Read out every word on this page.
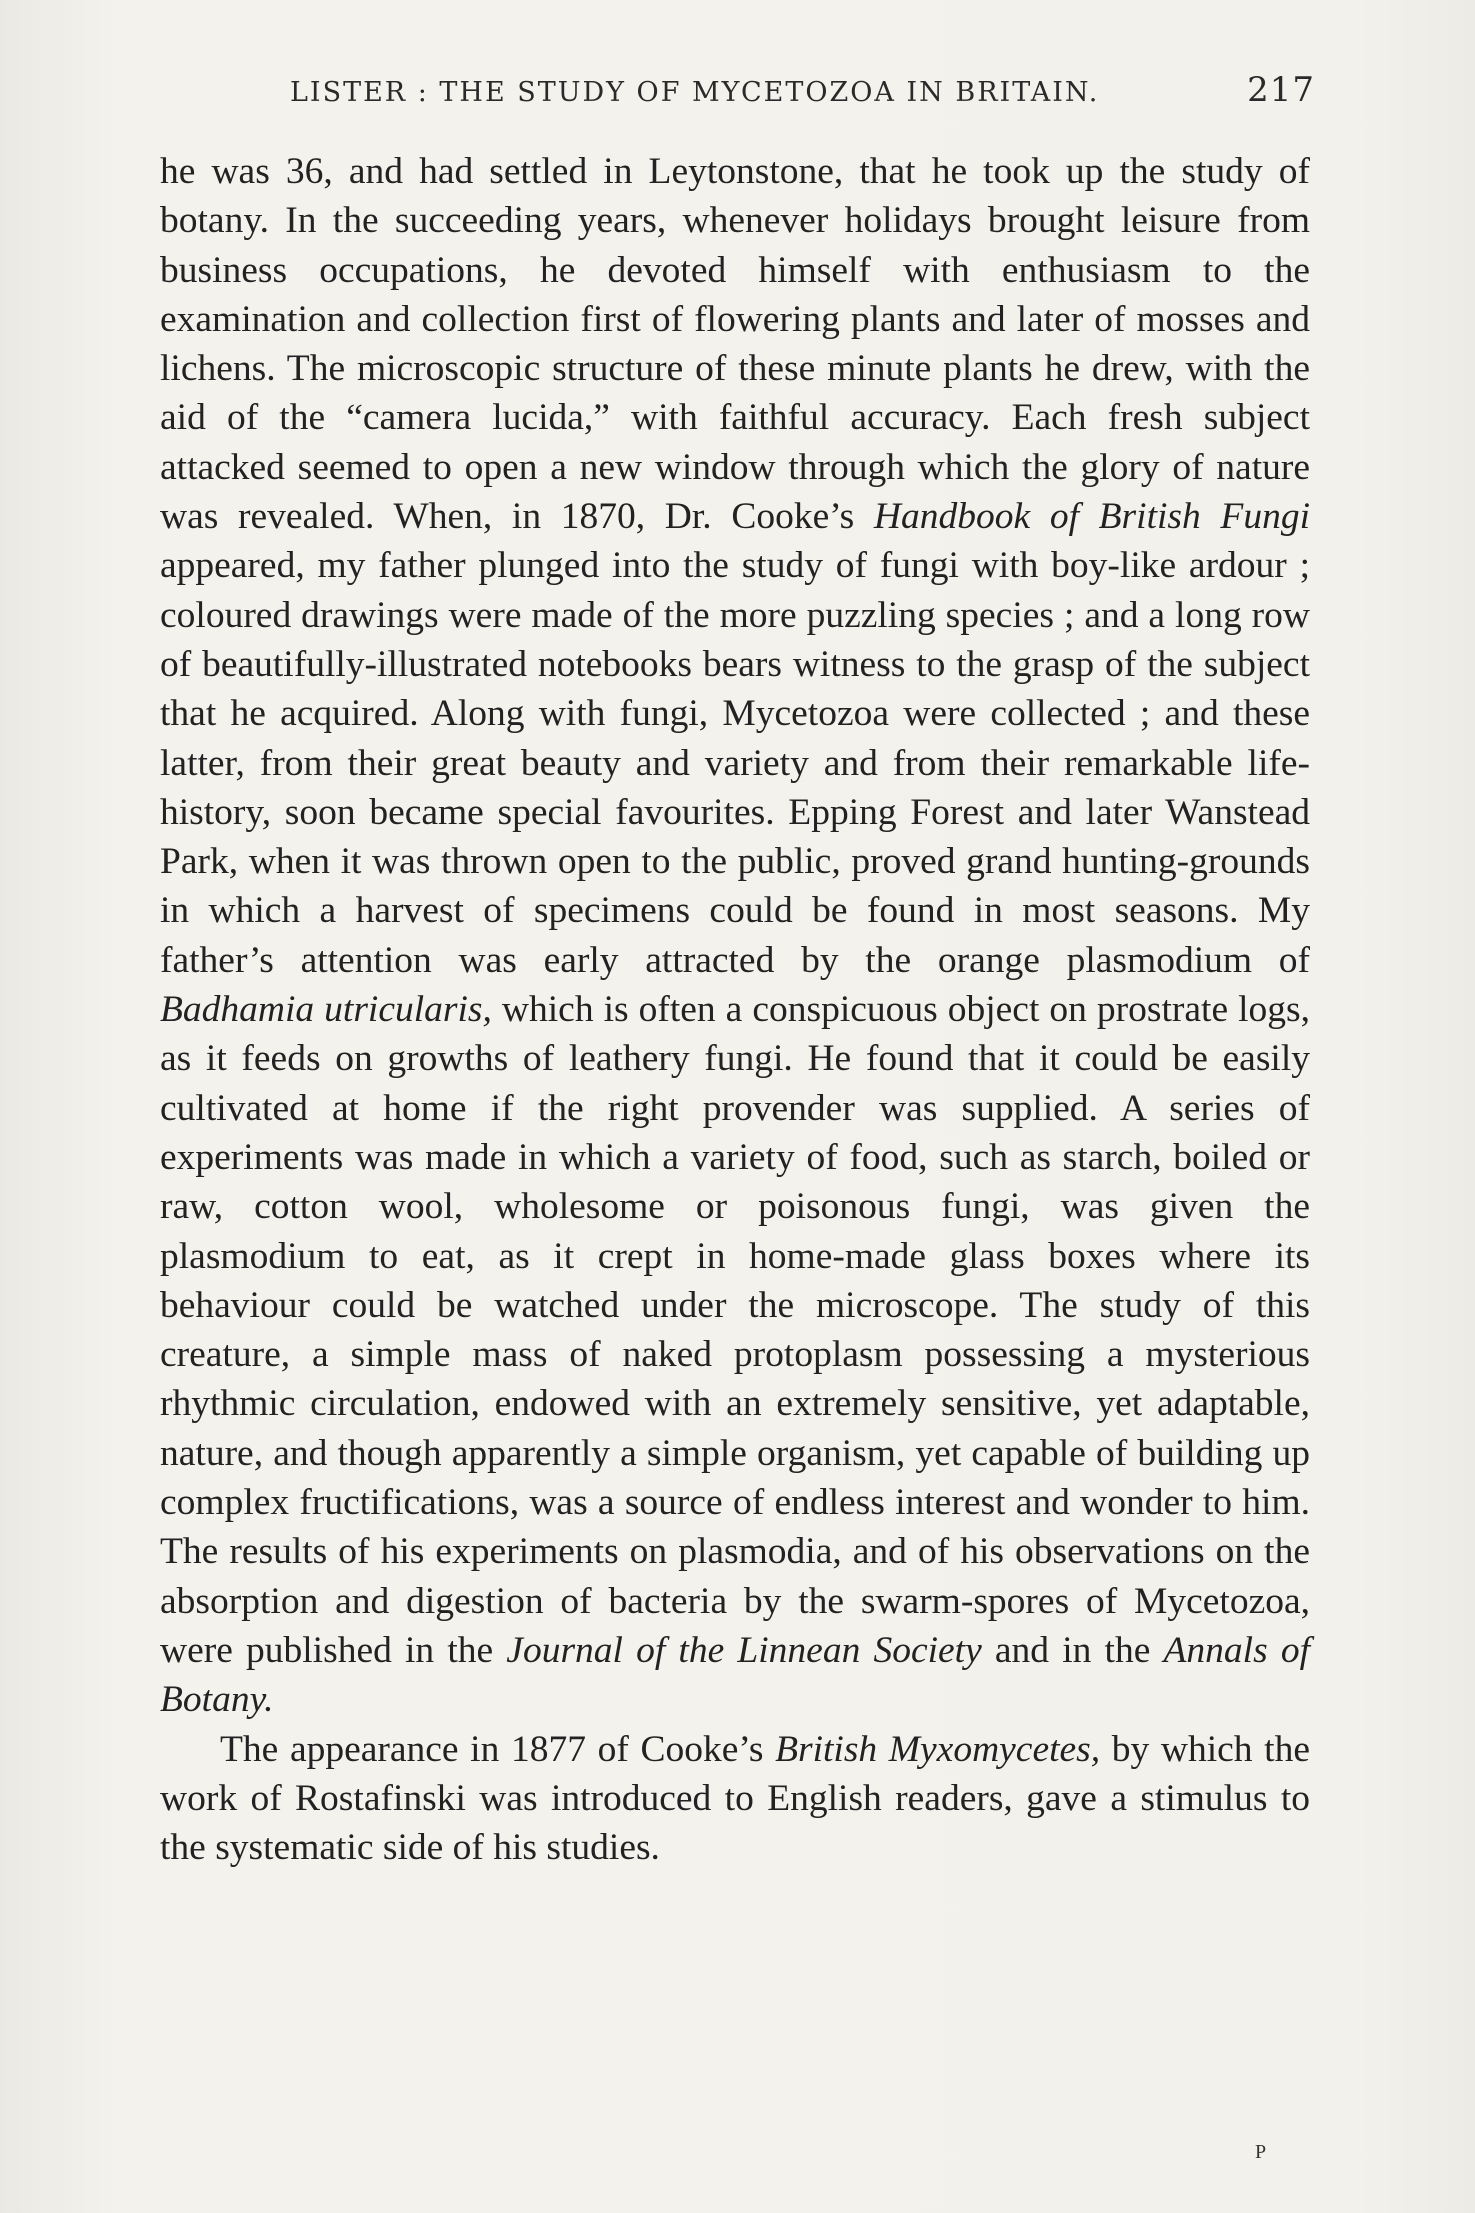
LISTER : THE STUDY OF MYCETOZOA IN BRITAIN.	217

he was 36, and had settled in Leytonstone, that he took up the study of botany. In the succeeding years, whenever holidays brought leisure from business occupations, he devoted himself with enthusiasm to the examination and collection first of flowering plants and later of mosses and lichens. The microscopic structure of these minute plants he drew, with the aid of the “camera lucida,” with faithful accuracy. Each fresh subject attacked seemed to open a new window through which the glory of nature was revealed. When, in 1870, Dr. Cooke’s Handbook of British Fungi appeared, my father plunged into the study of fungi with boy-like ardour ; coloured drawings were made of the more puzzling species ; and a long row of beautifully-illustrated notebooks bears witness to the grasp of the subject that he acquired. Along with fungi, Mycetozoa were collected ; and these latter, from their great beauty and variety and from their remarkable life-history, soon became special favourites. Epping Forest and later Wanstead Park, when it was thrown open to the public, proved grand hunting-grounds in which a harvest of specimens could be found in most seasons. My father’s attention was early attracted by the orange plasmodium of Badhamia utricularis, which is often a conspicuous object on prostrate logs, as it feeds on growths of leathery fungi. He found that it could be easily cultivated at home if the right provender was supplied. A series of experiments was made in which a variety of food, such as starch, boiled or raw, cotton wool, wholesome or poisonous fungi, was given the plasmodium to eat, as it crept in home-made glass boxes where its behaviour could be watched under the microscope. The study of this creature, a simple mass of naked protoplasm possessing a mysterious rhythmic circulation, endowed with an extremely sensitive, yet adaptable, nature, and though apparently a simple organism, yet capable of building up complex fructifications, was a source of endless interest and wonder to him. The results of his experiments on plasmodia, and of his observations on the absorption and digestion of bacteria by the swarm-spores of Mycetozoa, were published in the Journal of the Linnean Society and in the Annals of Botany.

The appearance in 1877 of Cooke’s British Myxomycetes, by which the work of Rostafinski was introduced to English readers, gave a stimulus to the systematic side of his studies.

P
